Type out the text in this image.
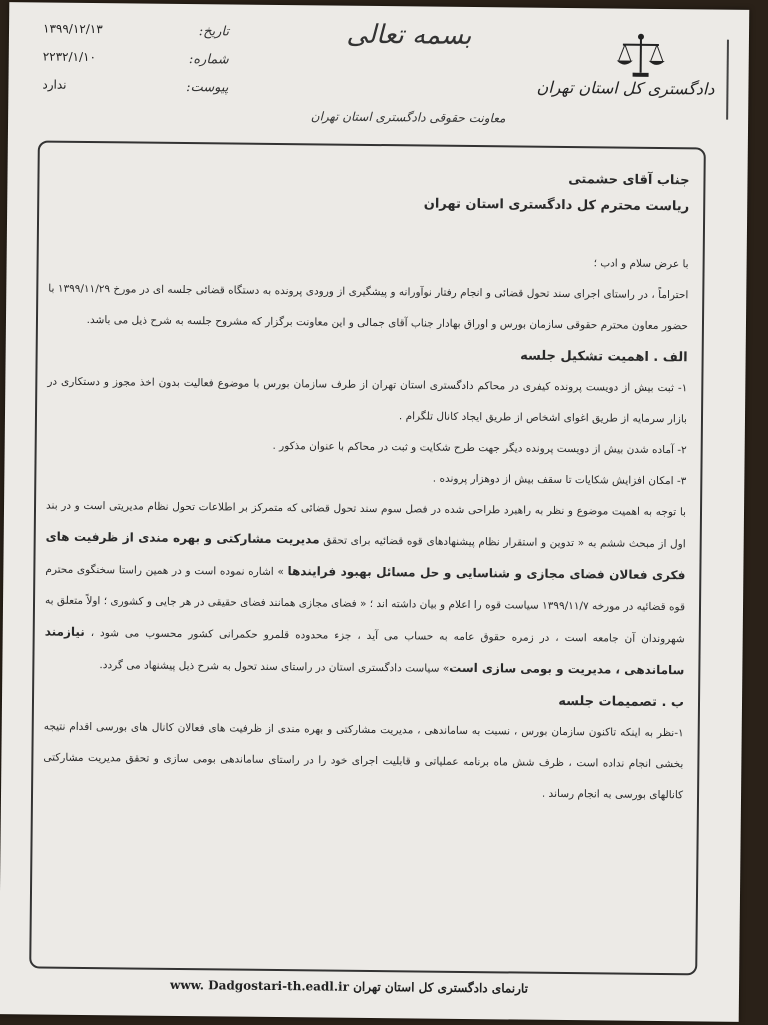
۱۳۹۹/۱۲/۱۳
۲۲۳۲/۱/۱۰
ندارد
تاریخ:
شماره:
پیوست:
بسمه تعالی
معاونت حقوقی دادگستری استان تهران
دادگستری کل استان تهران

جناب آقای حشمتی

ریاست محترم کل دادگستری استان تهران

با عرض سلام و ادب ؛

احتراماً ، در راستای اجرای سند تحول قضائی و انجام رفتار نوآورانه و پیشگیری از ورودی پرونده به دستگاه قضائی جلسه ای در مورخ ۱۳۹۹/۱۱/۲۹ با حضور معاون محترم حقوقی سازمان بورس و اوراق بهادار جناب آقای جمالی و این معاونت برگزار که مشروح جلسه به شرح ذیل می باشد.

الف . اهمیت تشکیل جلسه

۱- ثبت بیش از دویست پرونده کیفری در محاکم دادگستری استان تهران از طرف سازمان بورس با موضوع فعالیت بدون اخذ مجوز و دستکاری در بازار سرمایه از طریق اغوای اشخاص از طریق ایجاد کانال تلگرام .

۲- آماده شدن بیش از دویست پرونده دیگر جهت طرح شکایت و ثبت در محاکم با عنوان مذکور .

۳- امکان افزایش شکایات تا سقف بیش از دوهزار پرونده .

با توجه به اهمیت موضوع و نظر به راهبرد طراحی شده در فصل سوم سند تحول قضائی که متمرکز بر اطلاعات تحول نظام مدیریتی است و در بند اول از مبحث ششم به « تدوین و استقرار نظام پیشنهادهای قوه قضائیه برای تحقق مدیریت مشارکتی و بهره مندی از ظرفیت های فکری فعالان فضای مجازی و شناسایی و حل مسائل بهبود فرایندها » اشاره نموده است و در همین راستا سخنگوی محترم قوه قضائیه در مورخه ۱۳۹۹/۱۱/۷ سیاست قوه را اعلام و بیان داشته اند ؛ « فضای مجازی همانند فضای حقیقی در هر جایی و کشوری ؛ اولاً متعلق به شهروندان آن جامعه است ، در زمره حقوق عامه به حساب می آید ، جزء محدوده قلمرو حکمرانی کشور محسوب می شود ، نیازمند ساماندهی ، مدیریت و بومی سازی است» سیاست دادگستری استان در راستای سند تحول به شرح ذیل پیشنهاد می گردد.

ب . تصمیمات جلسه

۱-نظر به اینکه تاکنون سازمان بورس ، نسبت به ساماندهی ، مدیریت مشارکتی و بهره مندی از ظرفیت های فعالان کانال های بورسی اقدام نتیجه بخشی انجام نداده است ، ظرف شش ماه برنامه عملیاتی و قابلیت اجرای خود را در راستای ساماندهی بومی سازی و تحقق مدیریت مشارکتی کانالهای بورسی به انجام رساند .

www. Dadgostari-th.eadl.ir تارنمای دادگستری کل استان تهران
